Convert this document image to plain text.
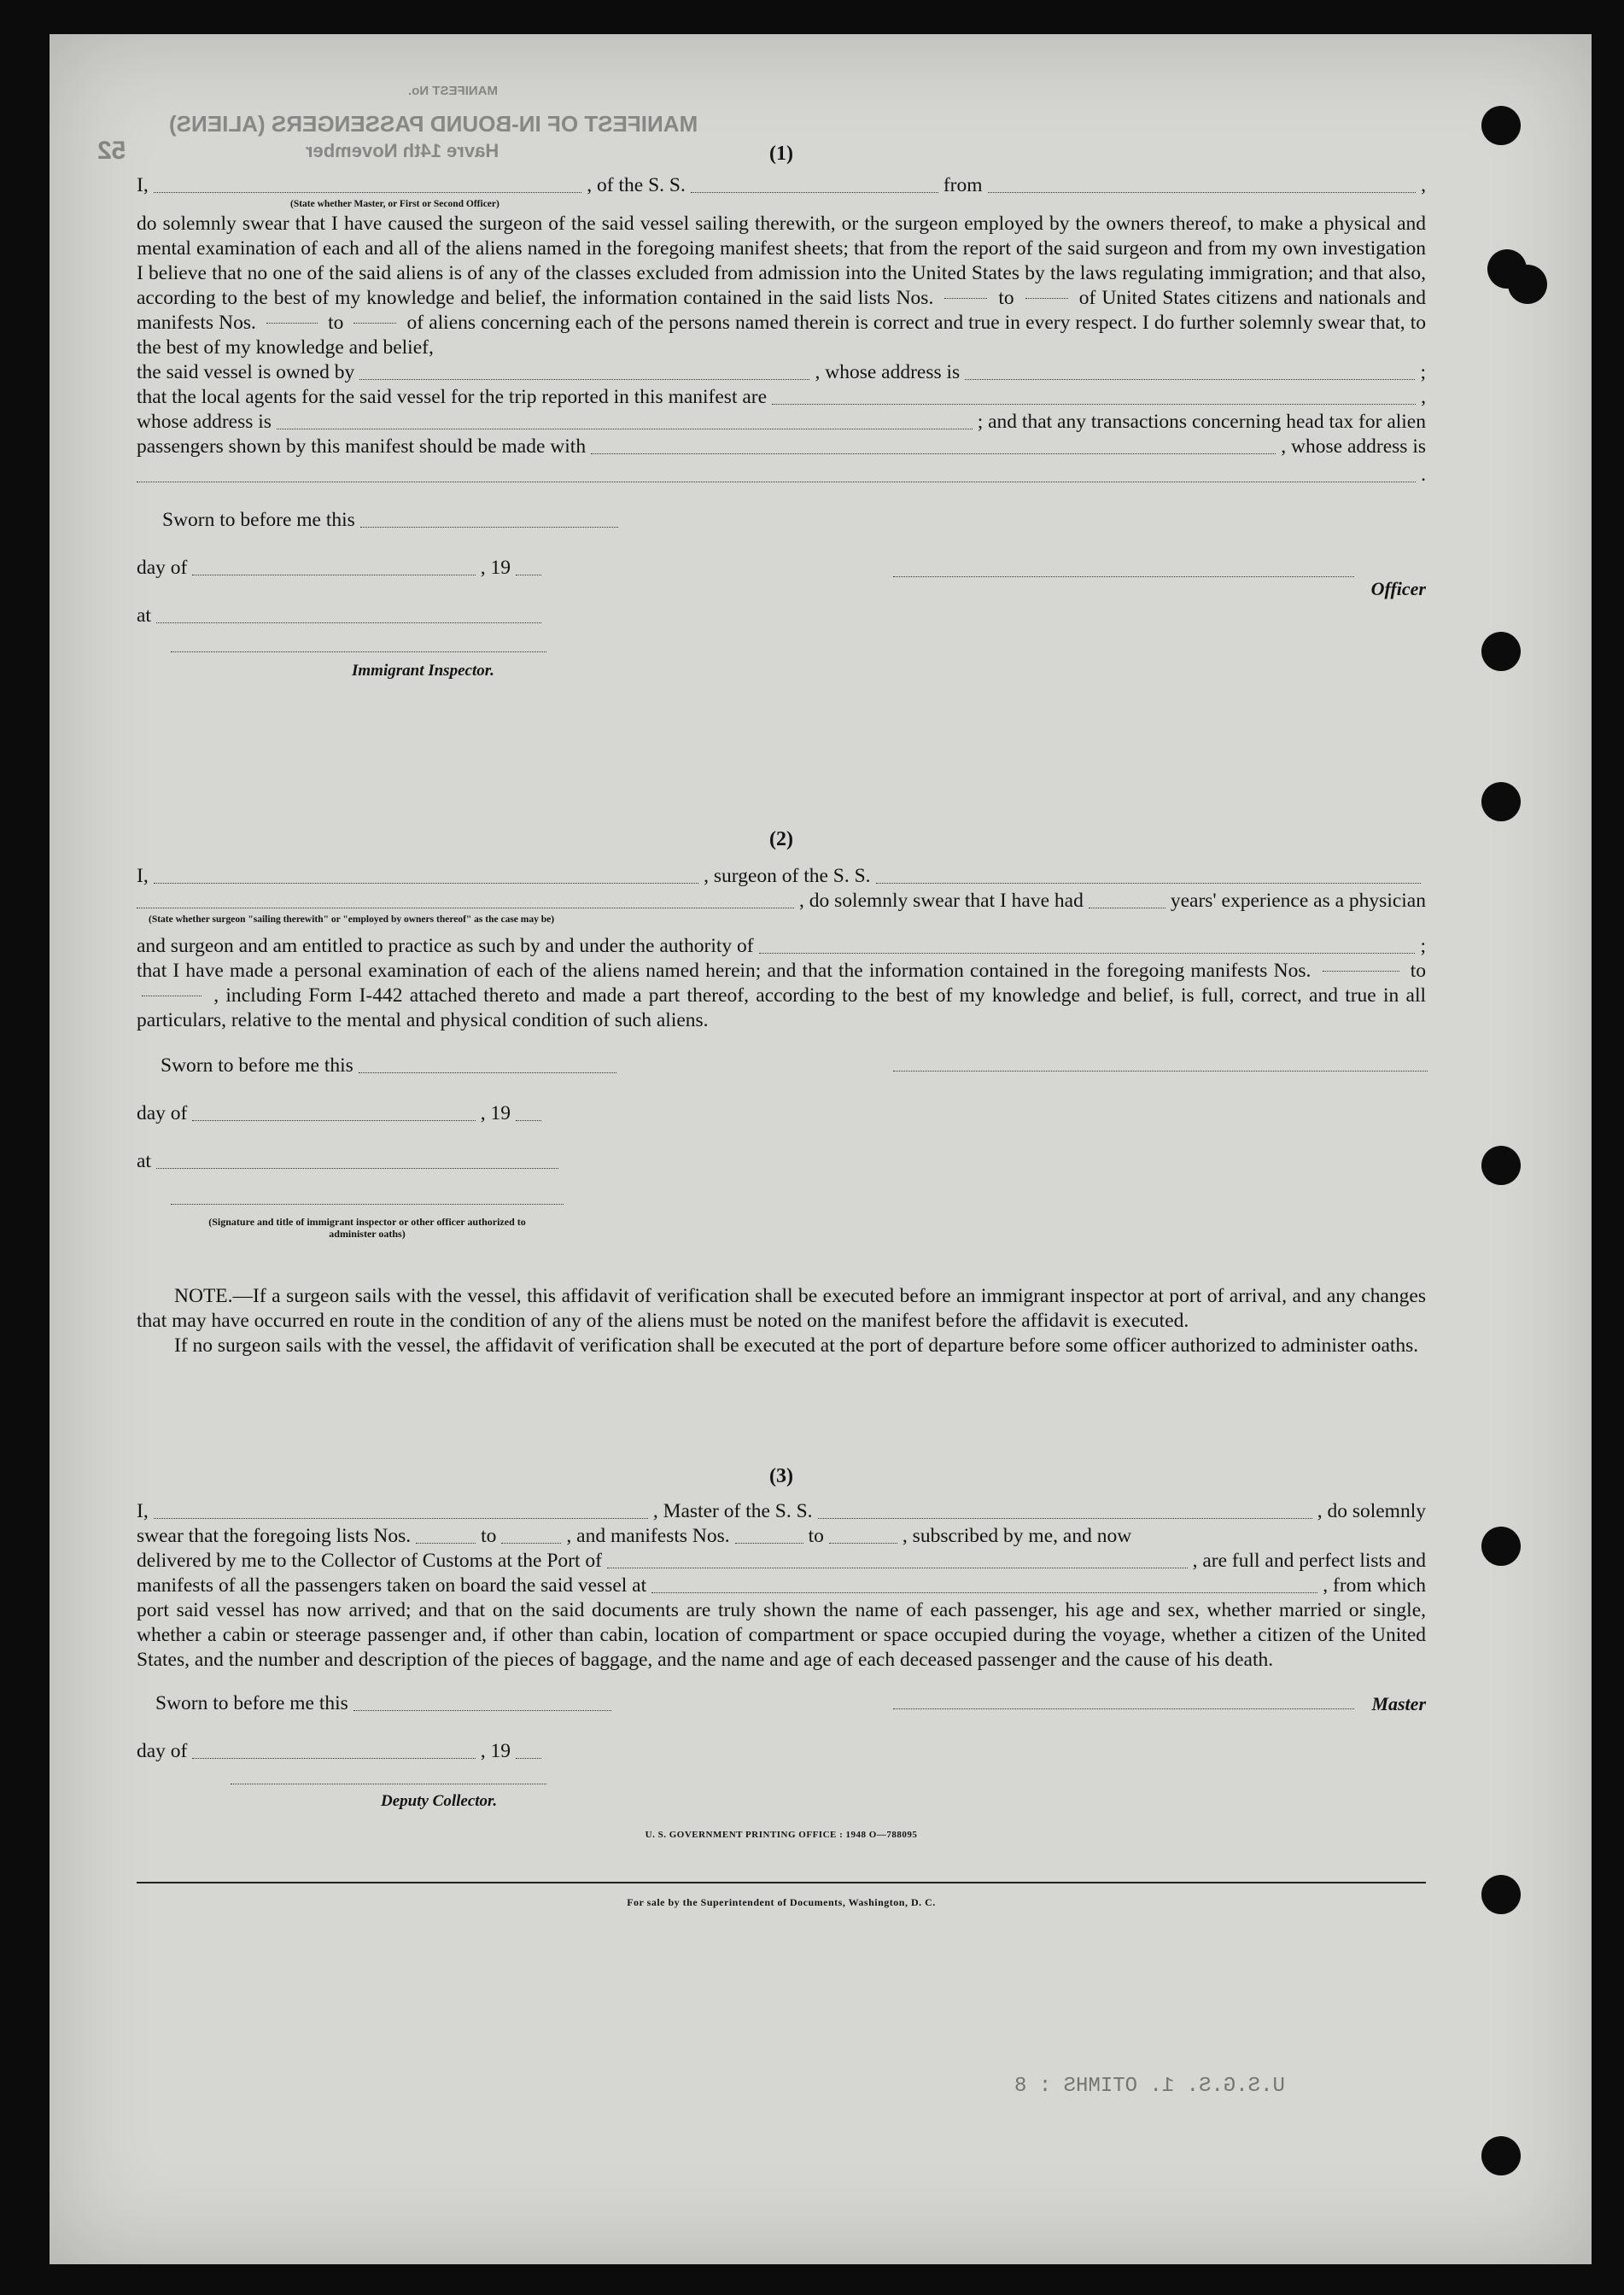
MANIFEST No.
MANIFEST OF IN-BOUND PASSENGERS (ALIENS)
Havre 14th November
52
U.S.G.S. 1. OTIMHS : 8
(1)
I,	, of the S. S.	from	,
(State whether Master, or First or Second Officer)

do solemnly swear that I have caused the surgeon of the said vessel sailing therewith, or the surgeon employed by the owners thereof, to make a physical and mental examination of each and all of the aliens named in the foregoing manifest sheets; that from the report of the said surgeon and from my own investigation I believe that no one of the said aliens is of any of the classes excluded from admission into the United States by the laws regulating immigration; and that also, according to the best of my knowledge and belief, the information contained in the said lists Nos.	to	of United States citizens and nationals and manifests Nos.	to	of aliens concerning each of the persons named therein is correct and true in every respect. I do further solemnly swear that, to the best of my knowledge and belief,

the said vessel is owned by	, whose address is	;
that the local agents for the said vessel for the trip reported in this manifest are	,
whose address is	; and that any transactions concerning head tax for alien
passengers shown by this manifest should be made with	, whose address is
.
Sworn to before me this
day of	, 19
at
Immigrant Inspector.
Officer
(2)
I,	, surgeon of the S. S.
, do solemnly swear that I have had	years' experience as a physician
(State whether surgeon "sailing therewith" or "employed by owners thereof" as the case may be)
and surgeon and am entitled to practice as such by and under the authority of	;

that I have made a personal examination of each of the aliens named herein; and that the information contained in the foregoing manifests Nos.	to  , including Form I-442 attached thereto and made a part thereof, according to the best of my knowledge and belief, is full, correct, and true in all particulars, relative to the mental and physical condition of such aliens.

Sworn to before me this
day of	, 19
at
(Signature and title of immigrant inspector or other officer authorized to administer oaths)

NOTE.—If a surgeon sails with the vessel, this affidavit of verification shall be executed before an immigrant inspector at port of arrival, and any changes that may have occurred en route in the condition of any of the aliens must be noted on the manifest before the affidavit is executed.

If no surgeon sails with the vessel, the affidavit of verification shall be executed at the port of departure before some officer authorized to administer oaths.

(3)
I,	, Master of the S. S.	, do solemnly
swear that the foregoing lists Nos.	to	, and manifests Nos.	to	, subscribed by me, and now
delivered by me to the Collector of Customs at the Port of	, are full and perfect lists and
manifests of all the passengers taken on board the said vessel at	, from which

port said vessel has now arrived; and that on the said documents are truly shown the name of each passenger, his age and sex, whether married or single, whether a cabin or steerage passenger and, if other than cabin, location of compartment or space occupied during the voyage, whether a citizen of the United States, and the number and description of the pieces of baggage, and the name and age of each deceased passenger and the cause of his death.

Sworn to before me this	Master
day of	, 19
Deputy Collector.
U. S. GOVERNMENT PRINTING OFFICE : 1948 O—788095
For sale by the Superintendent of Documents, Washington, D. C.
